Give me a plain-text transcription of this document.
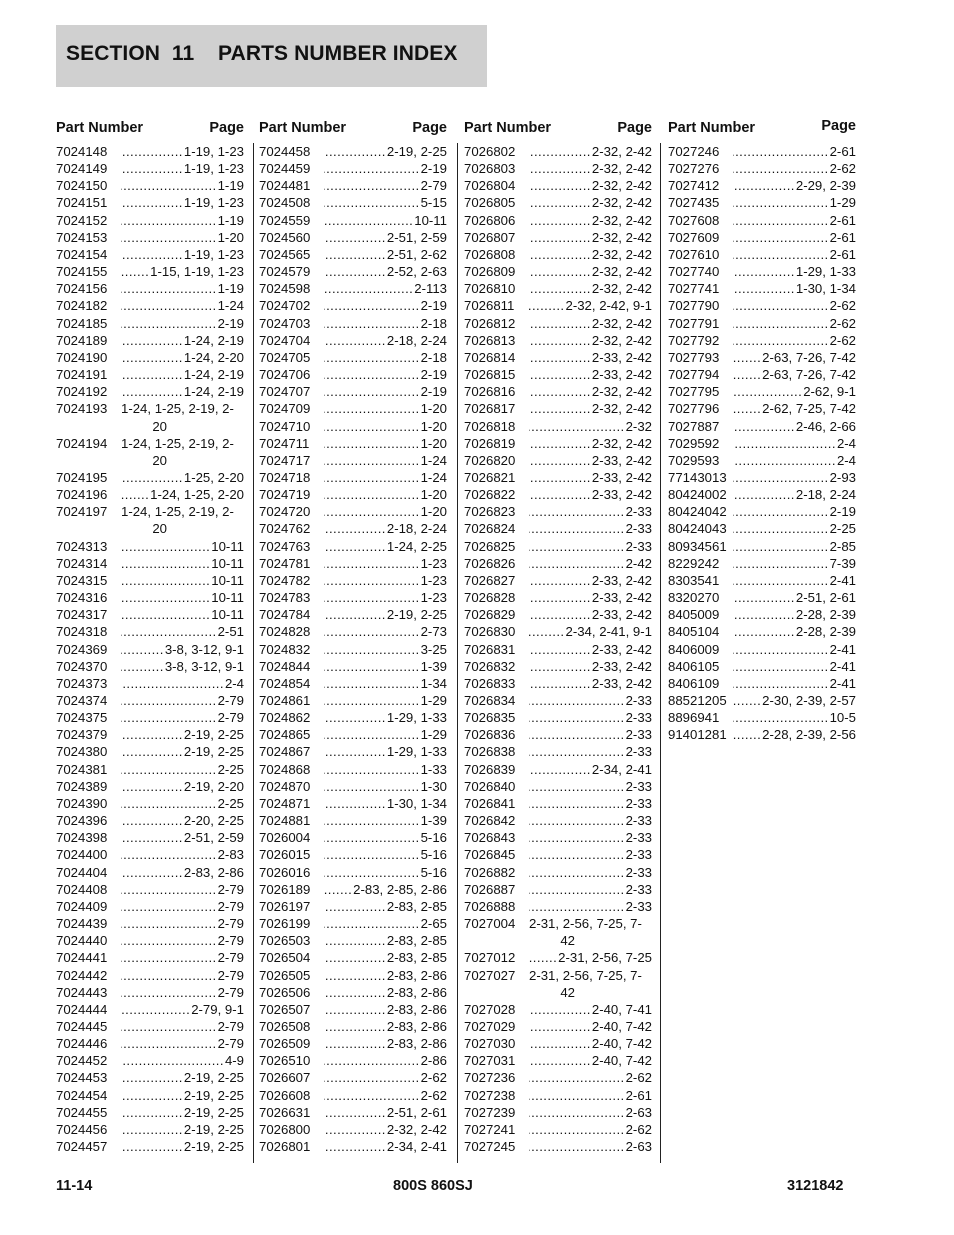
SECTION  11    PARTS NUMBER INDEX
Part Number	Page
7024148 .....	1-19, 1-23
7024149 .....	1-19, 1-23
7024150 .....	1-19
7024151 .....	1-19, 1-23
7024152 .....	1-19
7024153 .....	1-20
7024154 .....	1-19, 1-23
7024155 .....	1-15, 1-19, 1-23
7024156 .....	1-19
7024182 .....	1-24
7024185 .....	2-19
7024189 .....	1-24, 2-19
7024190 .....	1-24, 2-20
7024191 .....	1-24, 2-19
7024192 .....	1-24, 2-19
7024193	1-24, 1-25, 2-19, 2-
20
7024194	1-24, 1-25, 2-19, 2-
20
7024195 .....	1-25, 2-20
7024196 .....	1-24, 1-25, 2-20
7024197	1-24, 1-25, 2-19, 2-
20
7024313 .....	10-11
7024314 .....	10-11
7024315 .....	10-11
7024316 .....	10-11
7024317 .....	10-11
7024318 .....	2-51
7024369 .....	3-8, 3-12, 9-1
7024370 .....	3-8, 3-12, 9-1
7024373 .....	2-4
7024374 .....	2-79
7024375 .....	2-79
7024379 .....	2-19, 2-25
7024380 .....	2-19, 2-25
7024381 .....	2-25
7024389 .....	2-19, 2-20
7024390 .....	2-25
7024396 .....	2-20, 2-25
7024398 .....	2-51, 2-59
7024400 .....	2-83
7024404 .....	2-83, 2-86
7024408 .....	2-79
7024409 .....	2-79
7024439 .....	2-79
7024440 .....	2-79
7024441 .....	2-79
7024442 .....	2-79
7024443 .....	2-79
7024444 .....	2-79, 9-1
7024445 .....	2-79
7024446 .....	2-79
7024452 .....	4-9
7024453 .....	2-19, 2-25
7024454 .....	2-19, 2-25
7024455 .....	2-19, 2-25
7024456 .....	2-19, 2-25
7024457 .....	2-19, 2-25
Part Number	Page
7024458 .....	2-19, 2-25
7024459 .....	2-19
7024481 .....	2-79
7024508 .....	5-15
7024559 .....	10-11
7024560 .....	2-51, 2-59
7024565 .....	2-51, 2-62
7024579 .....	2-52, 2-63
7024598 .....	2-113
7024702 .....	2-19
7024703 .....	2-18
7024704 .....	2-18, 2-24
7024705 .....	2-18
7024706 .....	2-19
7024707 .....	2-19
7024709 .....	1-20
7024710 .....	1-20
7024711 .....	1-20
7024717 .....	1-24
7024718 .....	1-24
7024719 .....	1-20
7024720 .....	1-20
7024762 .....	2-18, 2-24
7024763 .....	1-24, 2-25
7024781 .....	1-23
7024782 .....	1-23
7024783 .....	1-23
7024784 .....	2-19, 2-25
7024828 .....	2-73
7024832 .....	3-25
7024844 .....	1-39
7024854 .....	1-34
7024861 .....	1-29
7024862 .....	1-29, 1-33
7024865 .....	1-29
7024867 .....	1-29, 1-33
7024868 .....	1-33
7024870 .....	1-30
7024871 .....	1-30, 1-34
7024881 .....	1-39
7026004 .....	5-16
7026015 .....	5-16
7026016 .....	5-16
7026189 .....	2-83, 2-85, 2-86
7026197 .....	2-83, 2-85
7026199 .....	2-65
7026503 .....	2-83, 2-85
7026504 .....	2-83, 2-85
7026505 .....	2-83, 2-86
7026506 .....	2-83, 2-86
7026507 .....	2-83, 2-86
7026508 .....	2-83, 2-86
7026509 .....	2-83, 2-86
7026510 .....	2-86
7026607 .....	2-62
7026608 .....	2-62
7026631 .....	2-51, 2-61
7026800 .....	2-32, 2-42
7026801 .....	2-34, 2-41
Part Number	Page
7026802 .....	2-32, 2-42
7026803 .....	2-32, 2-42
7026804 .....	2-32, 2-42
7026805 .....	2-32, 2-42
7026806 .....	2-32, 2-42
7026807 .....	2-32, 2-42
7026808 .....	2-32, 2-42
7026809 .....	2-32, 2-42
7026810 .....	2-32, 2-42
7026811 .....	2-32, 2-42, 9-1
7026812 .....	2-32, 2-42
7026813 .....	2-32, 2-42
7026814 .....	2-33, 2-42
7026815 .....	2-33, 2-42
7026816 .....	2-32, 2-42
7026817 .....	2-32, 2-42
7026818 .....	2-32
7026819 .....	2-32, 2-42
7026820 .....	2-33, 2-42
7026821 .....	2-33, 2-42
7026822 .....	2-33, 2-42
7026823 .....	2-33
7026824 .....	2-33
7026825 .....	2-33
7026826 .....	2-42
7026827 .....	2-33, 2-42
7026828 .....	2-33, 2-42
7026829 .....	2-33, 2-42
7026830 .....	2-34, 2-41, 9-1
7026831 .....	2-33, 2-42
7026832 .....	2-33, 2-42
7026833 .....	2-33, 2-42
7026834 .....	2-33
7026835 .....	2-33
7026836 .....	2-33
7026838 .....	2-33
7026839 .....	2-34, 2-41
7026840 .....	2-33
7026841 .....	2-33
7026842 .....	2-33
7026843 .....	2-33
7026845 .....	2-33
7026882 .....	2-33
7026887 .....	2-33
7026888 .....	2-33
7027004	2-31, 2-56, 7-25, 7-
42
7027012 .....	2-31, 2-56, 7-25
7027027	2-31, 2-56, 7-25, 7-
42
7027028 .....	2-40, 7-41
7027029 .....	2-40, 7-42
7027030 .....	2-40, 7-42
7027031 .....	2-40, 7-42
7027236 .....	2-62
7027238 .....	2-61
7027239 .....	2-63
7027241 .....	2-62
7027245 .....	2-63
Part Number	Page
7027246 .....	2-61
7027276 .....	2-62
7027412 .....	2-29, 2-39
7027435 .....	1-29
7027608 .....	2-61
7027609 .....	2-61
7027610 .....	2-61
7027740 .....	1-29, 1-33
7027741 .....	1-30, 1-34
7027790 .....	2-62
7027791 .....	2-62
7027792 .....	2-62
7027793 .....	2-63, 7-26, 7-42
7027794 .....	2-63, 7-26, 7-42
7027795 .....	2-62, 9-1
7027796 .....	2-62, 7-25, 7-42
7027887 .....	2-46, 2-66
7029592 .....	2-4
7029593 .....	2-4
77143013 .....	2-93
80424002 .....	2-18, 2-24
80424042 .....	2-19
80424043 .....	2-25
80934561 .....	2-85
8229242 .....	7-39
8303541 .....	2-41
8320270 .....	2-51, 2-61
8405009 .....	2-28, 2-39
8405104 .....	2-28, 2-39
8406009 .....	2-41
8406105 .....	2-41
8406109 .....	2-41
88521205 .....	2-30, 2-39, 2-57
8896941 .....	10-5
91401281 .....	2-28, 2-39, 2-56
11-14	800S 860SJ	3121842
